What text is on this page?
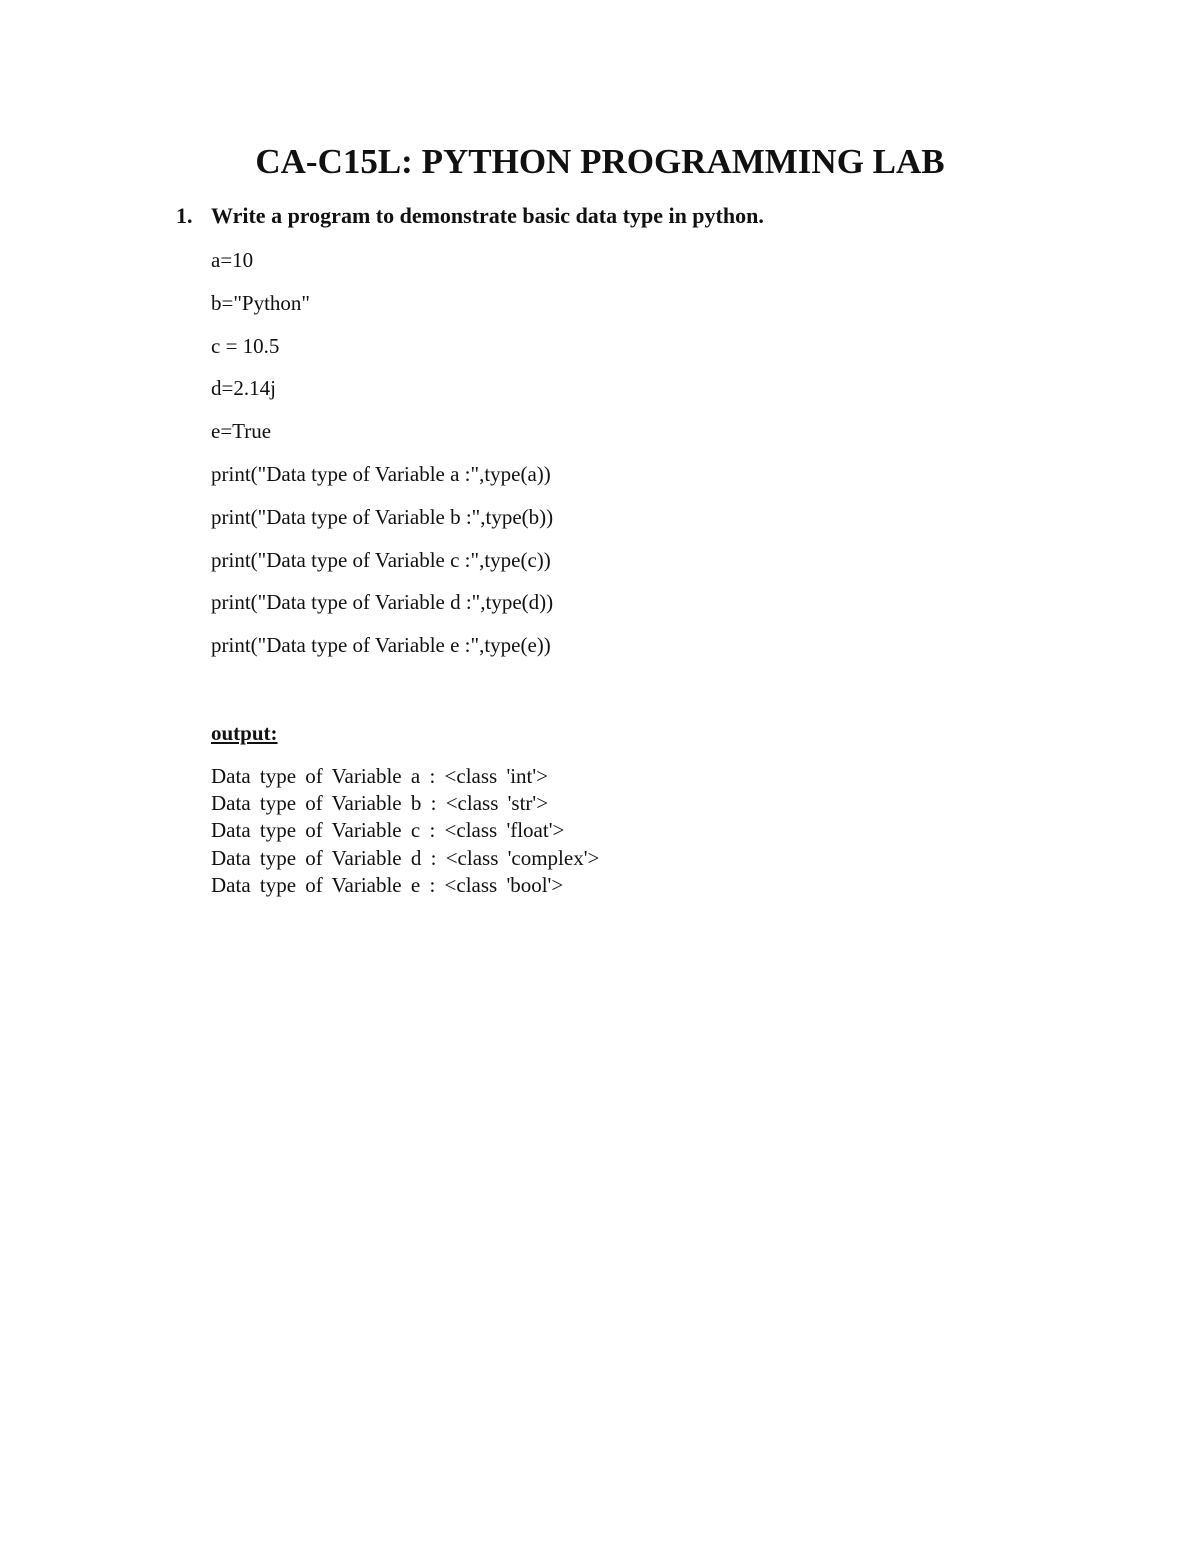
CA-C15L: PYTHON PROGRAMMING LAB
1. Write a program to demonstrate basic data type in python.
a=10
b="Python"
c = 10.5
d=2.14j
e=True
print("Data type of Variable a :",type(a))
print("Data type of Variable b :",type(b))
print("Data type of Variable c :",type(c))
print("Data type of Variable d :",type(d))
print("Data type of Variable e :",type(e))
output:
Data type of Variable a : <class 'int'>
Data type of Variable b : <class 'str'>
Data type of Variable c : <class 'float'>
Data type of Variable d : <class 'complex'>
Data type of Variable e : <class 'bool'>
